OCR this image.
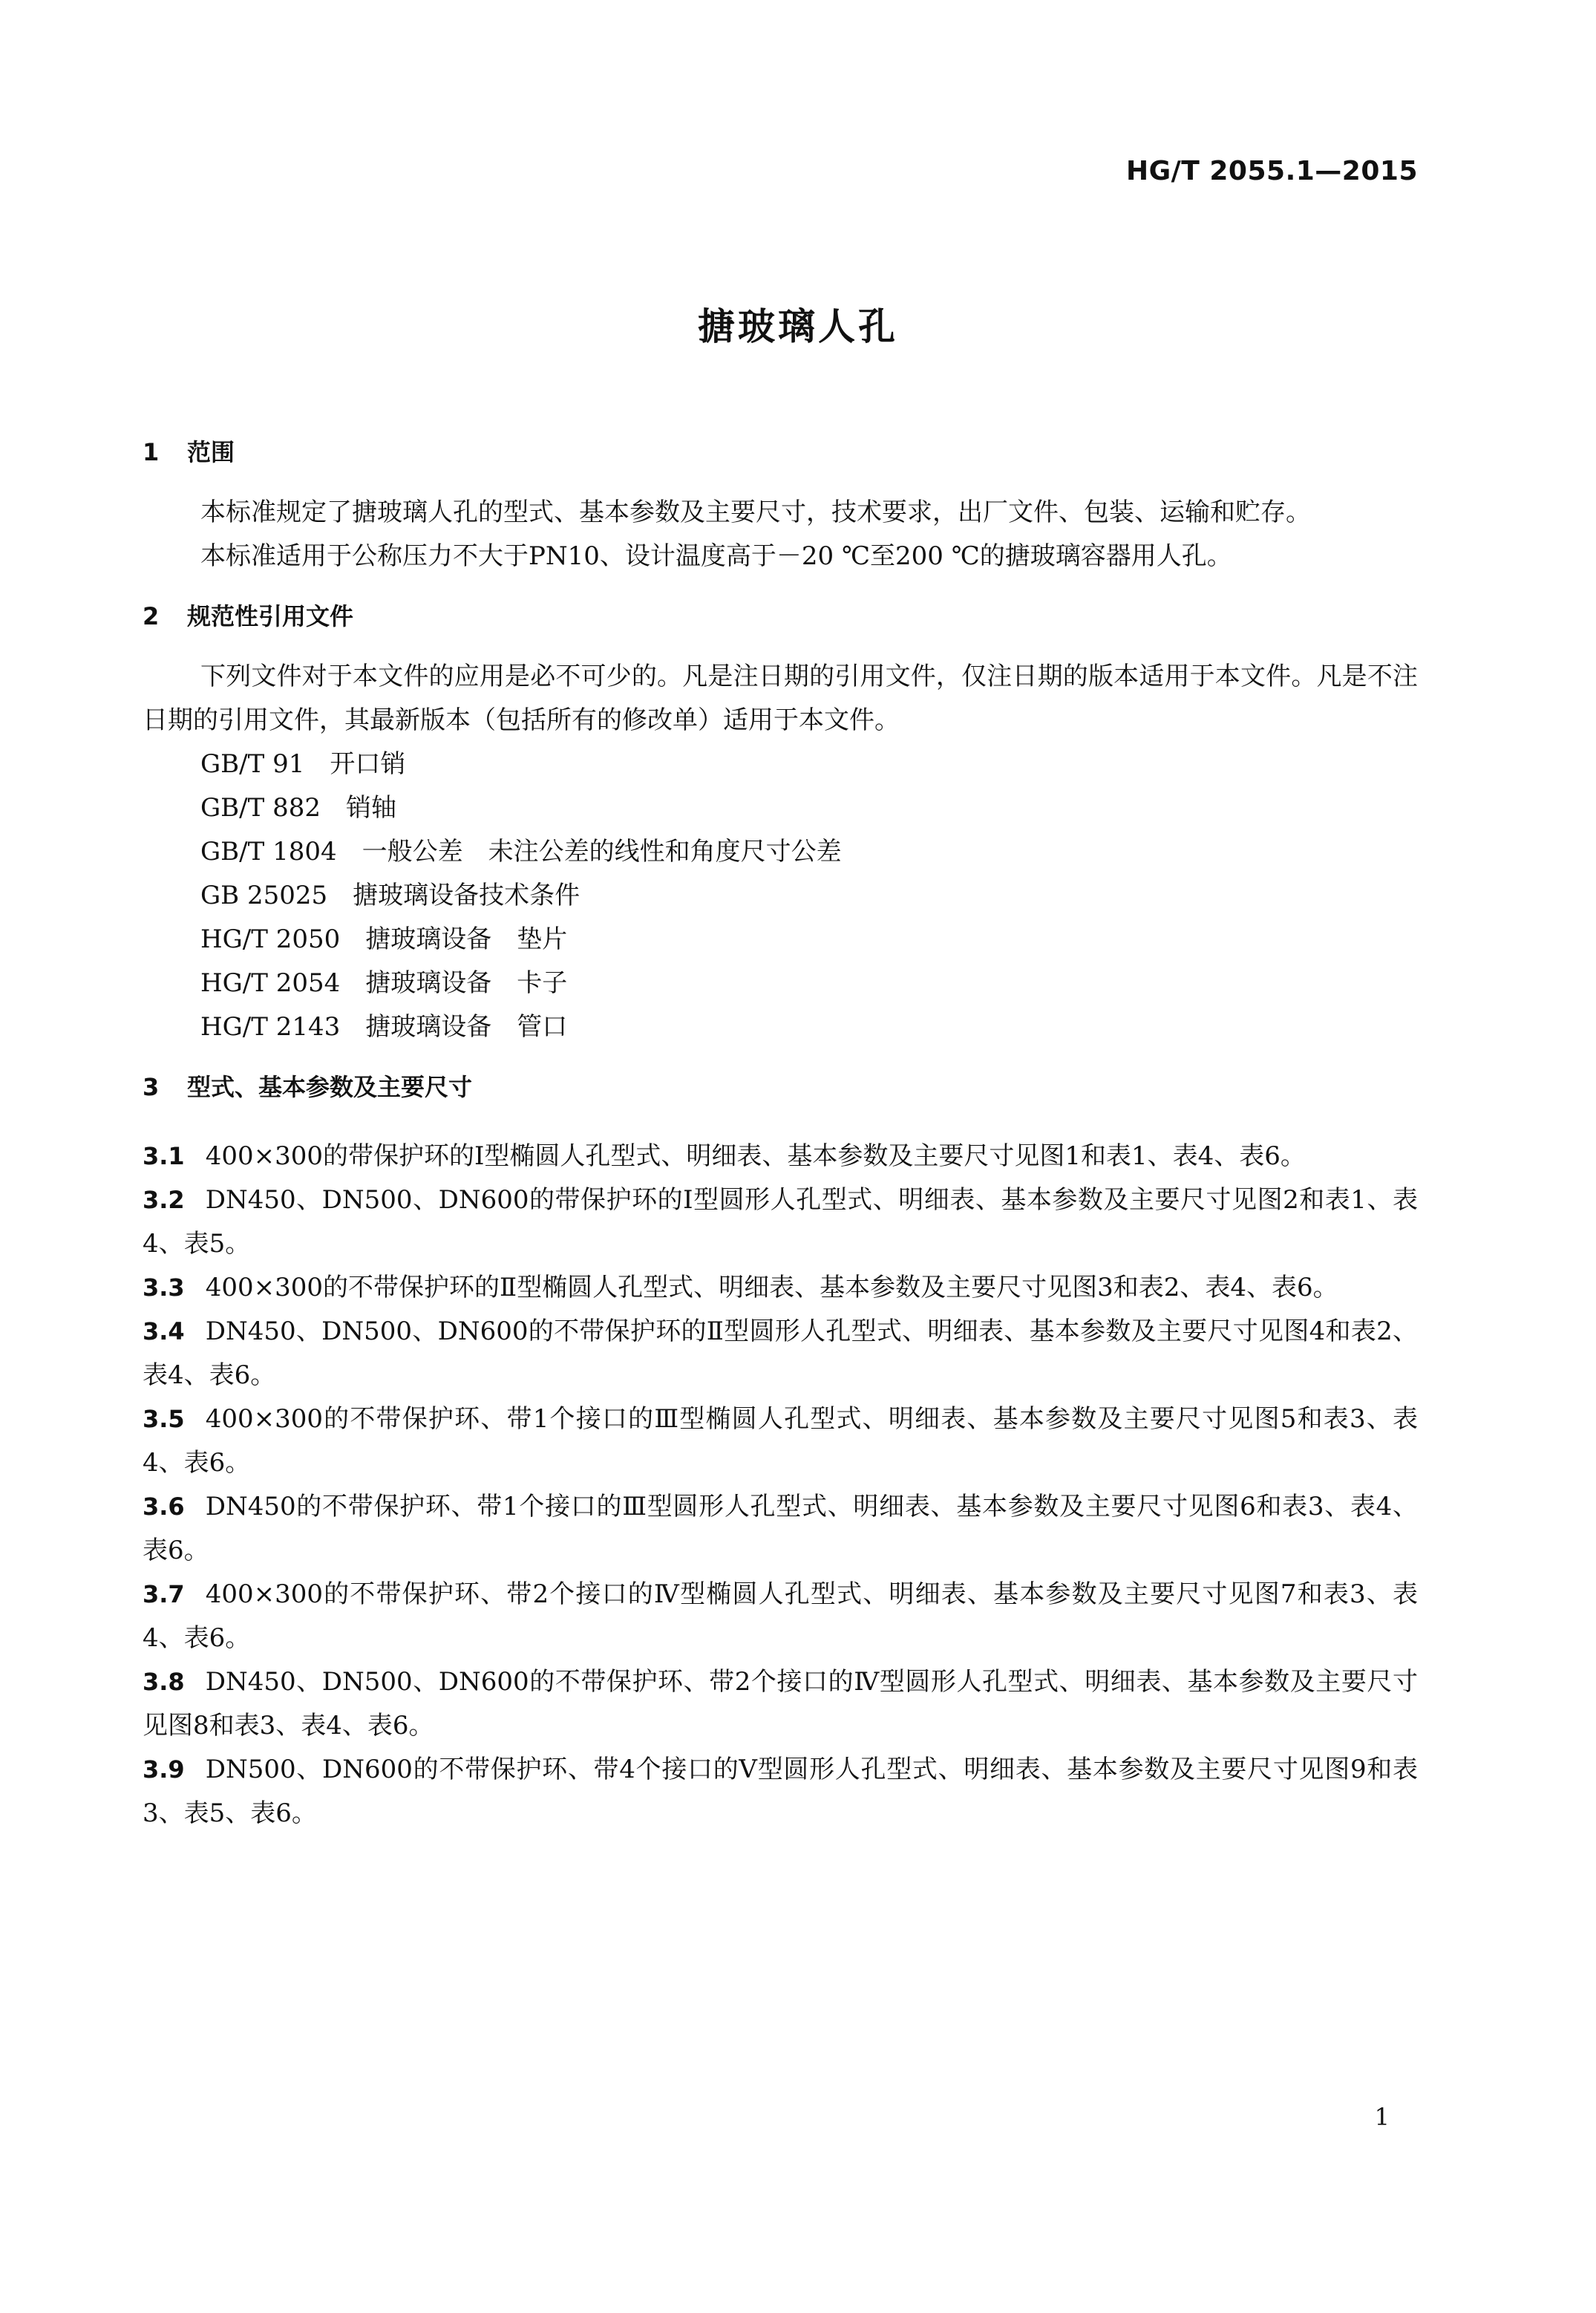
HG/T 2055.1—2015
搪玻璃人孔
1 范围
本标准规定了搪玻璃人孔的型式、基本参数及主要尺寸，技术要求，出厂文件、包装、运输和贮存。
本标准适用于公称压力不大于PN10、设计温度高于－20 ℃至200 ℃的搪玻璃容器用人孔。
2 规范性引用文件
下列文件对于本文件的应用是必不可少的。凡是注日期的引用文件，仅注日期的版本适用于本文件。凡是不注日期的引用文件，其最新版本（包括所有的修改单）适用于本文件。
GB/T 91　 开口销
GB/T 882　 销轴
GB/T 1804　 一般公差　未注公差的线性和角度尺寸公差
GB 25025　 搪玻璃设备技术条件
HG/T 2050　 搪玻璃设备　垫片
HG/T 2054　 搪玻璃设备　卡子
HG/T 2143　 搪玻璃设备　管口
3 型式、基本参数及主要尺寸
3.1 400×300的带保护环的Ⅰ型椭圆人孔型式、明细表、基本参数及主要尺寸见图1和表1、表4、表6。
3.2 DN450、DN500、DN600的带保护环的Ⅰ型圆形人孔型式、明细表、基本参数及主要尺寸见图2和表1、表4、表5。
3.3 400×300的不带保护环的Ⅱ型椭圆人孔型式、明细表、基本参数及主要尺寸见图3和表2、表4、表6。
3.4 DN450、DN500、DN600的不带保护环的Ⅱ型圆形人孔型式、明细表、基本参数及主要尺寸见图4和表2、表4、表6。
3.5 400×300的不带保护环、带1个接口的Ⅲ型椭圆人孔型式、明细表、基本参数及主要尺寸见图5和表3、表4、表6。
3.6 DN450的不带保护环、带1个接口的Ⅲ型圆形人孔型式、明细表、基本参数及主要尺寸见图6和表3、表4、表6。
3.7 400×300的不带保护环、带2个接口的Ⅳ型椭圆人孔型式、明细表、基本参数及主要尺寸见图7和表3、表4、表6。
3.8 DN450、DN500、DN600的不带保护环、带2个接口的Ⅳ型圆形人孔型式、明细表、基本参数及主要尺寸见图8和表3、表4、表6。
3.9 DN500、DN600的不带保护环、带4个接口的Ⅴ型圆形人孔型式、明细表、基本参数及主要尺寸见图9和表3、表5、表6。
1
